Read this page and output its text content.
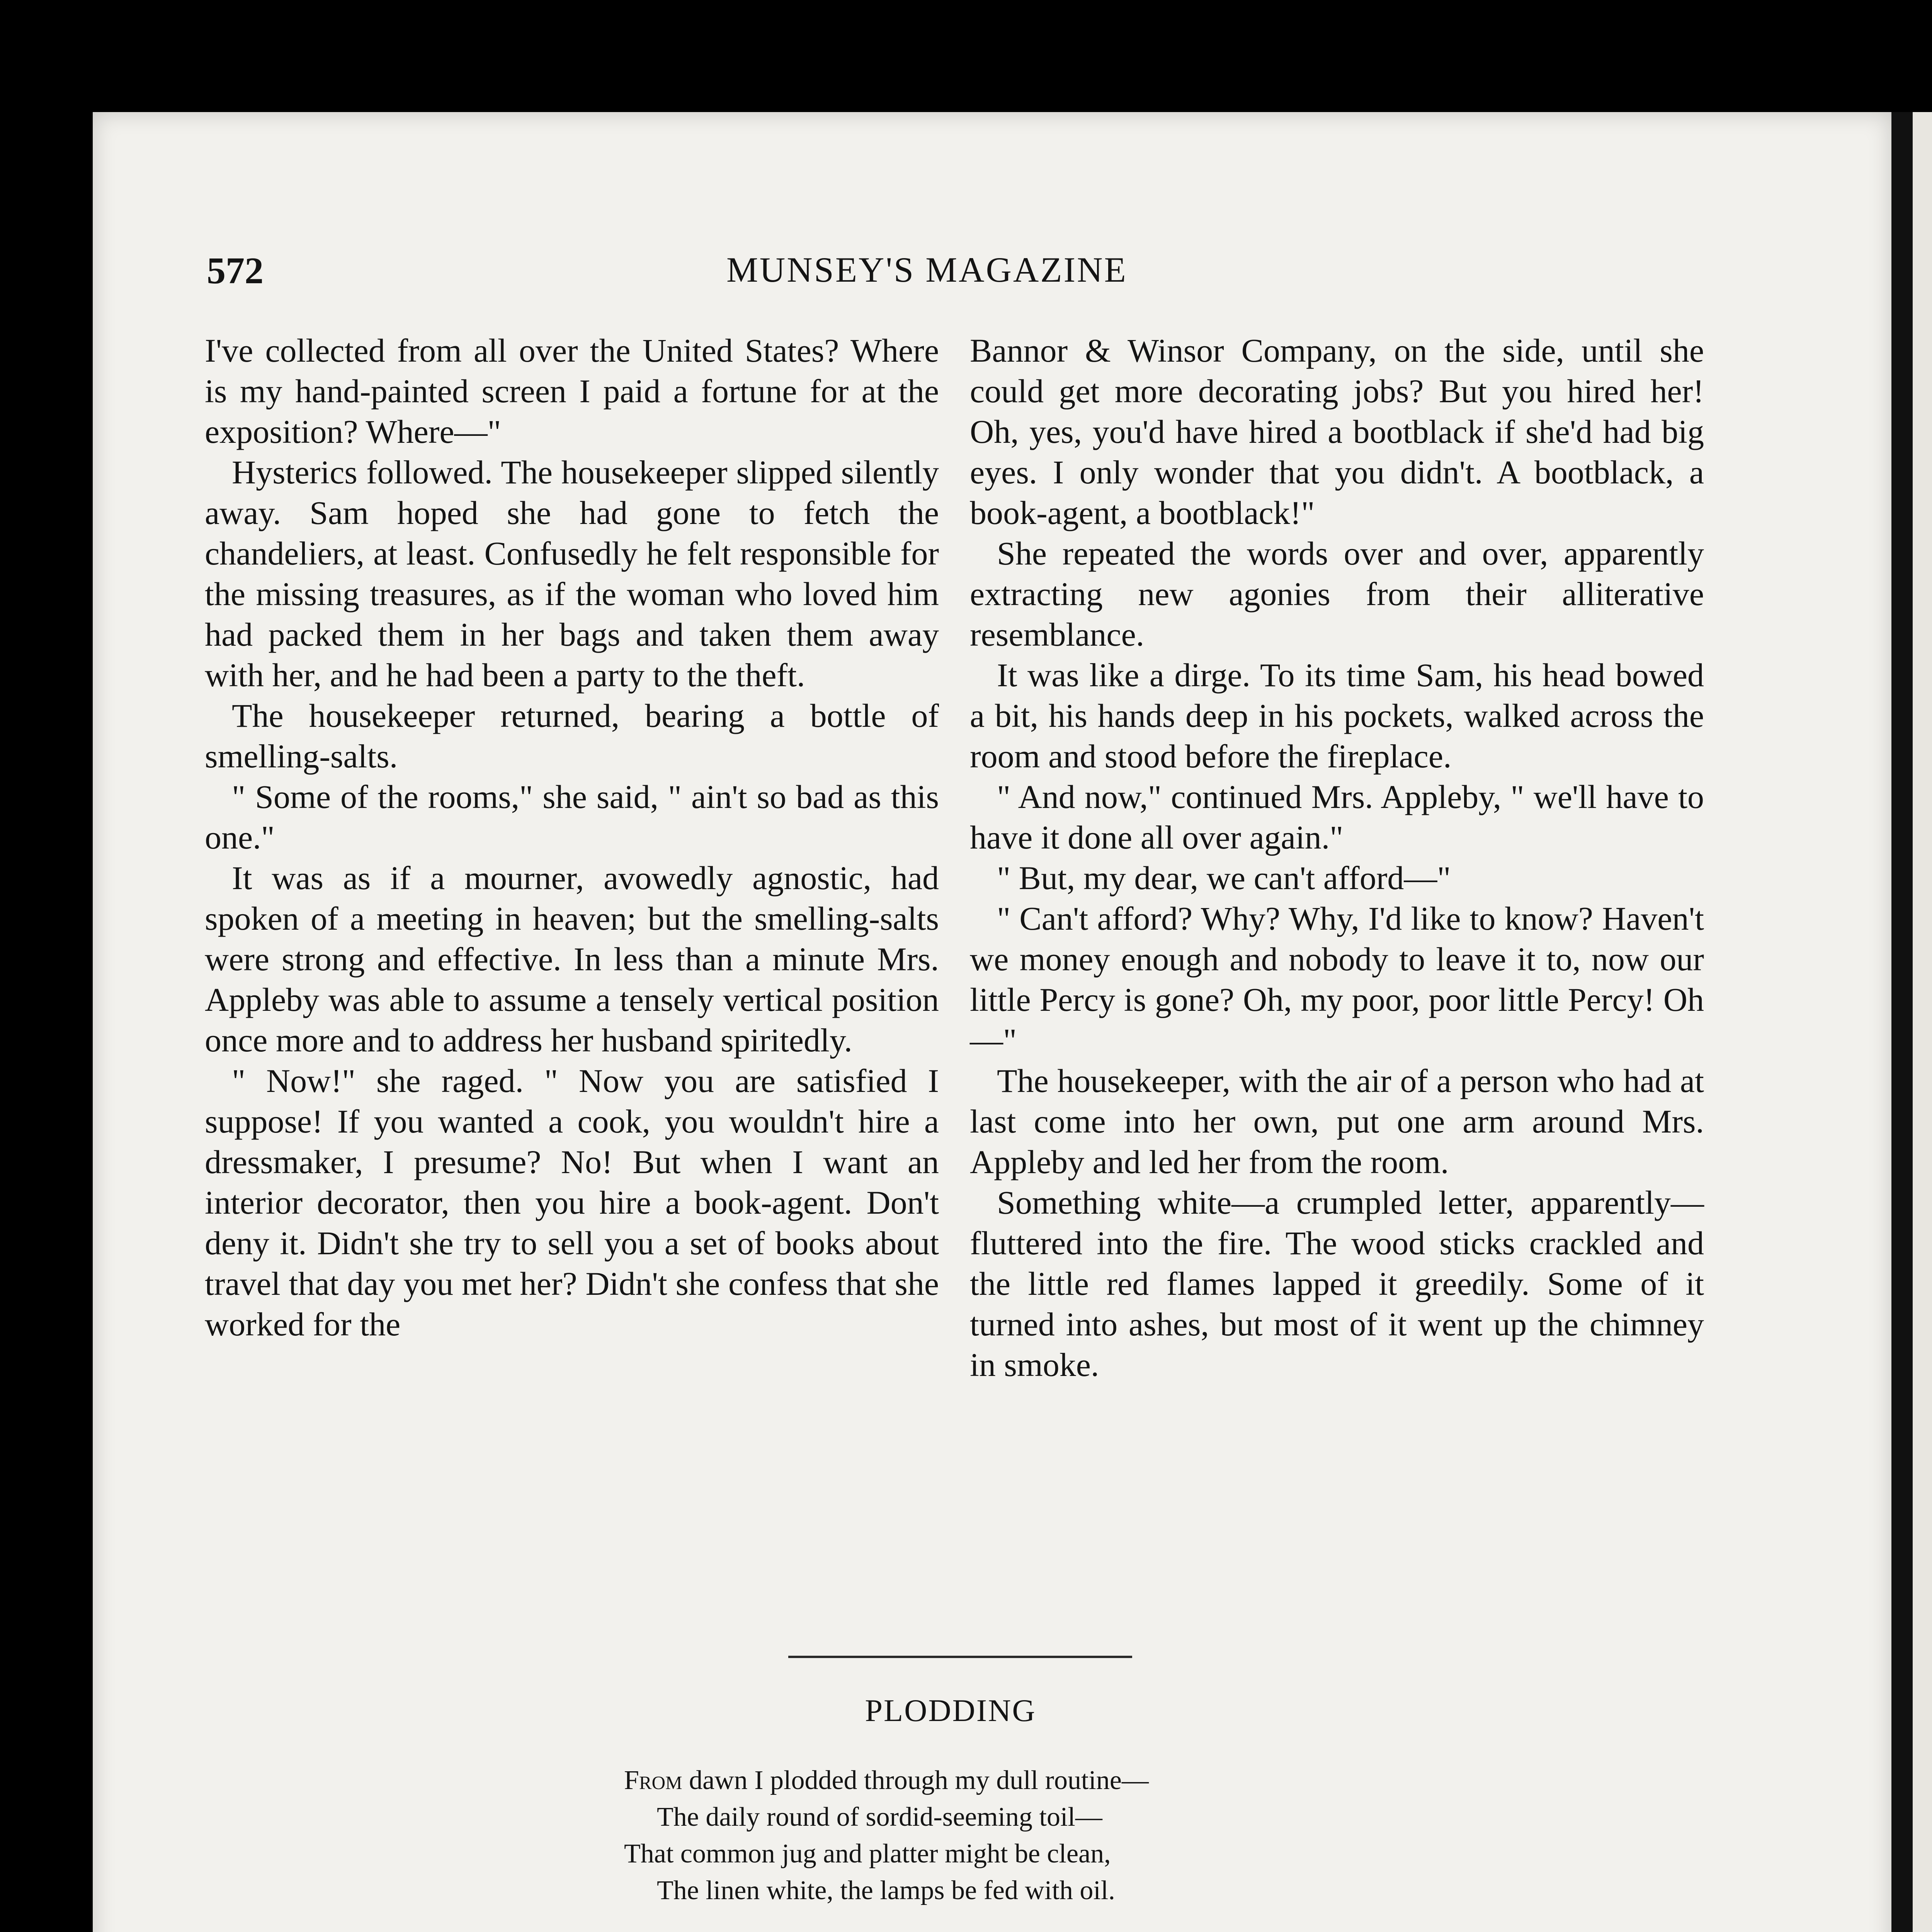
572	MUNSEY'S MAGAZINE

I've collected from all over the United States? Where is my hand-painted screen I paid a fortune for at the exposition? Where—"

Hysterics followed. The housekeeper slipped silently away. Sam hoped she had gone to fetch the chandeliers, at least. Confusedly he felt responsible for the missing treasures, as if the woman who loved him had packed them in her bags and taken them away with her, and he had been a party to the theft.

The housekeeper returned, bearing a bottle of smelling-salts.

" Some of the rooms," she said, " ain't so bad as this one."

It was as if a mourner, avowedly agnostic, had spoken of a meeting in heaven; but the smelling-salts were strong and effective. In less than a minute Mrs. Appleby was able to assume a tensely vertical position once more and to address her husband spiritedly.

" Now!" she raged. " Now you are satisfied I suppose! If you wanted a cook, you wouldn't hire a dressmaker, I presume? No! But when I want an interior decorator, then you hire a book-agent. Don't deny it. Didn't she try to sell you a set of books about travel that day you met her? Didn't she confess that she worked for the

Bannor & Winsor Company, on the side, until she could get more decorating jobs? But you hired her! Oh, yes, you'd have hired a bootblack if she'd had big eyes. I only wonder that you didn't. A bootblack, a book-agent, a bootblack!"

She repeated the words over and over, apparently extracting new agonies from their alliterative resemblance.

It was like a dirge. To its time Sam, his head bowed a bit, his hands deep in his pockets, walked across the room and stood before the fireplace.

" And now," continued Mrs. Appleby, " we'll have to have it done all over again."

" But, my dear, we can't afford—"

" Can't afford? Why? Why, I'd like to know? Haven't we money enough and nobody to leave it to, now our little Percy is gone? Oh, my poor, poor little Percy! Oh—"

The housekeeper, with the air of a person who had at last come into her own, put one arm around Mrs. Appleby and led her from the room.

Something white—a crumpled letter, apparently—fluttered into the fire. The wood sticks crackled and the little red flames lapped it greedily. Some of it turned into ashes, but most of it went up the chimney in smoke.

PLODDING
From dawn I plodded through my dull routine—
The daily round of sordid-seeming toil—
That common jug and platter might be clean,
The linen white, the lamps be fed with oil.
